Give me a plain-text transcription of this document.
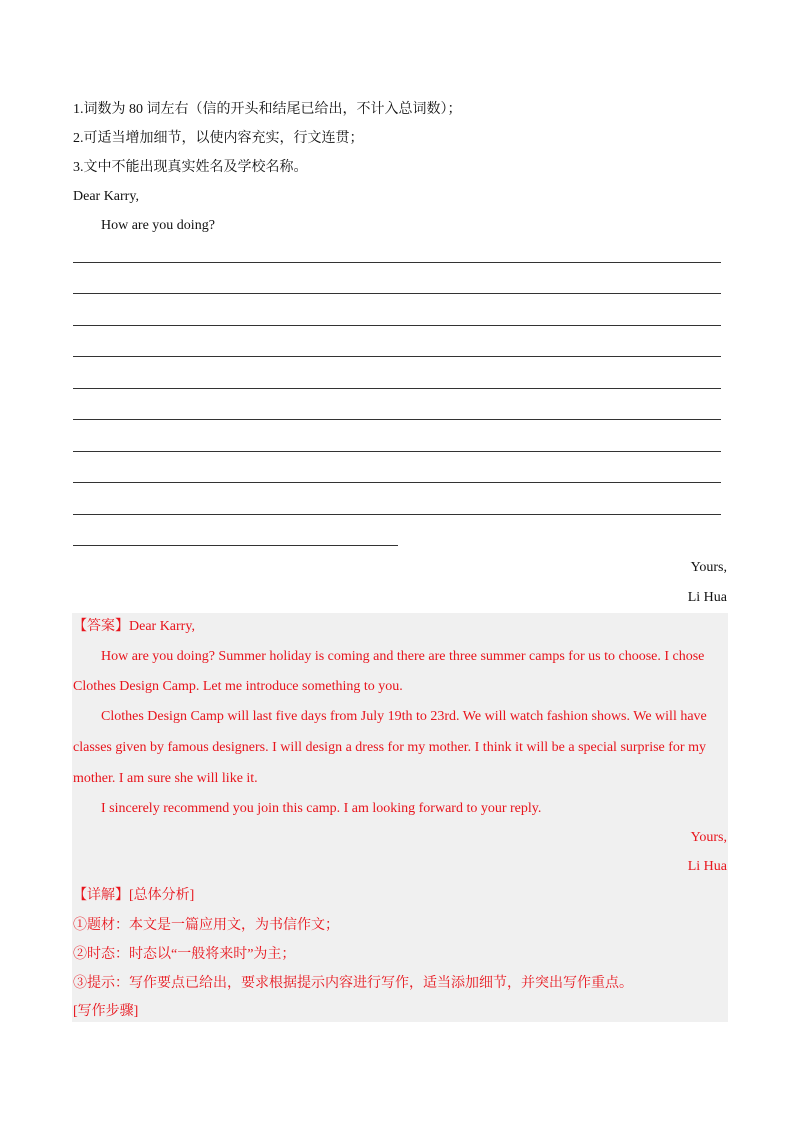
1.词数为 80 词左右（信的开头和结尾已给出，不计入总词数）；
2.可适当增加细节，以使内容充实，行文连贯；
3.文中不能出现真实姓名及学校名称。
Dear Karry,
How are you doing?
Yours,
Li Hua
【答案】Dear Karry,
How are you doing? Summer holiday is coming and there are three summer camps for us to choose. I chose
Clothes Design Camp. Let me introduce something to you.
Clothes Design Camp will last five days from July 19th to 23rd. We will watch fashion shows. We will have
classes given by famous designers. I will design a dress for my mother. I think it will be a special surprise for my
mother. I am sure she will like it.
I sincerely recommend you join this camp. I am looking forward to your reply.
Yours,
Li Hua
【详解】[总体分析]
①题材：本文是一篇应用文，为书信作文；
②时态：时态以“一般将来时”为主；
③提示：写作要点已给出，要求根据提示内容进行写作，适当添加细节，并突出写作重点。
[写作步骤]
